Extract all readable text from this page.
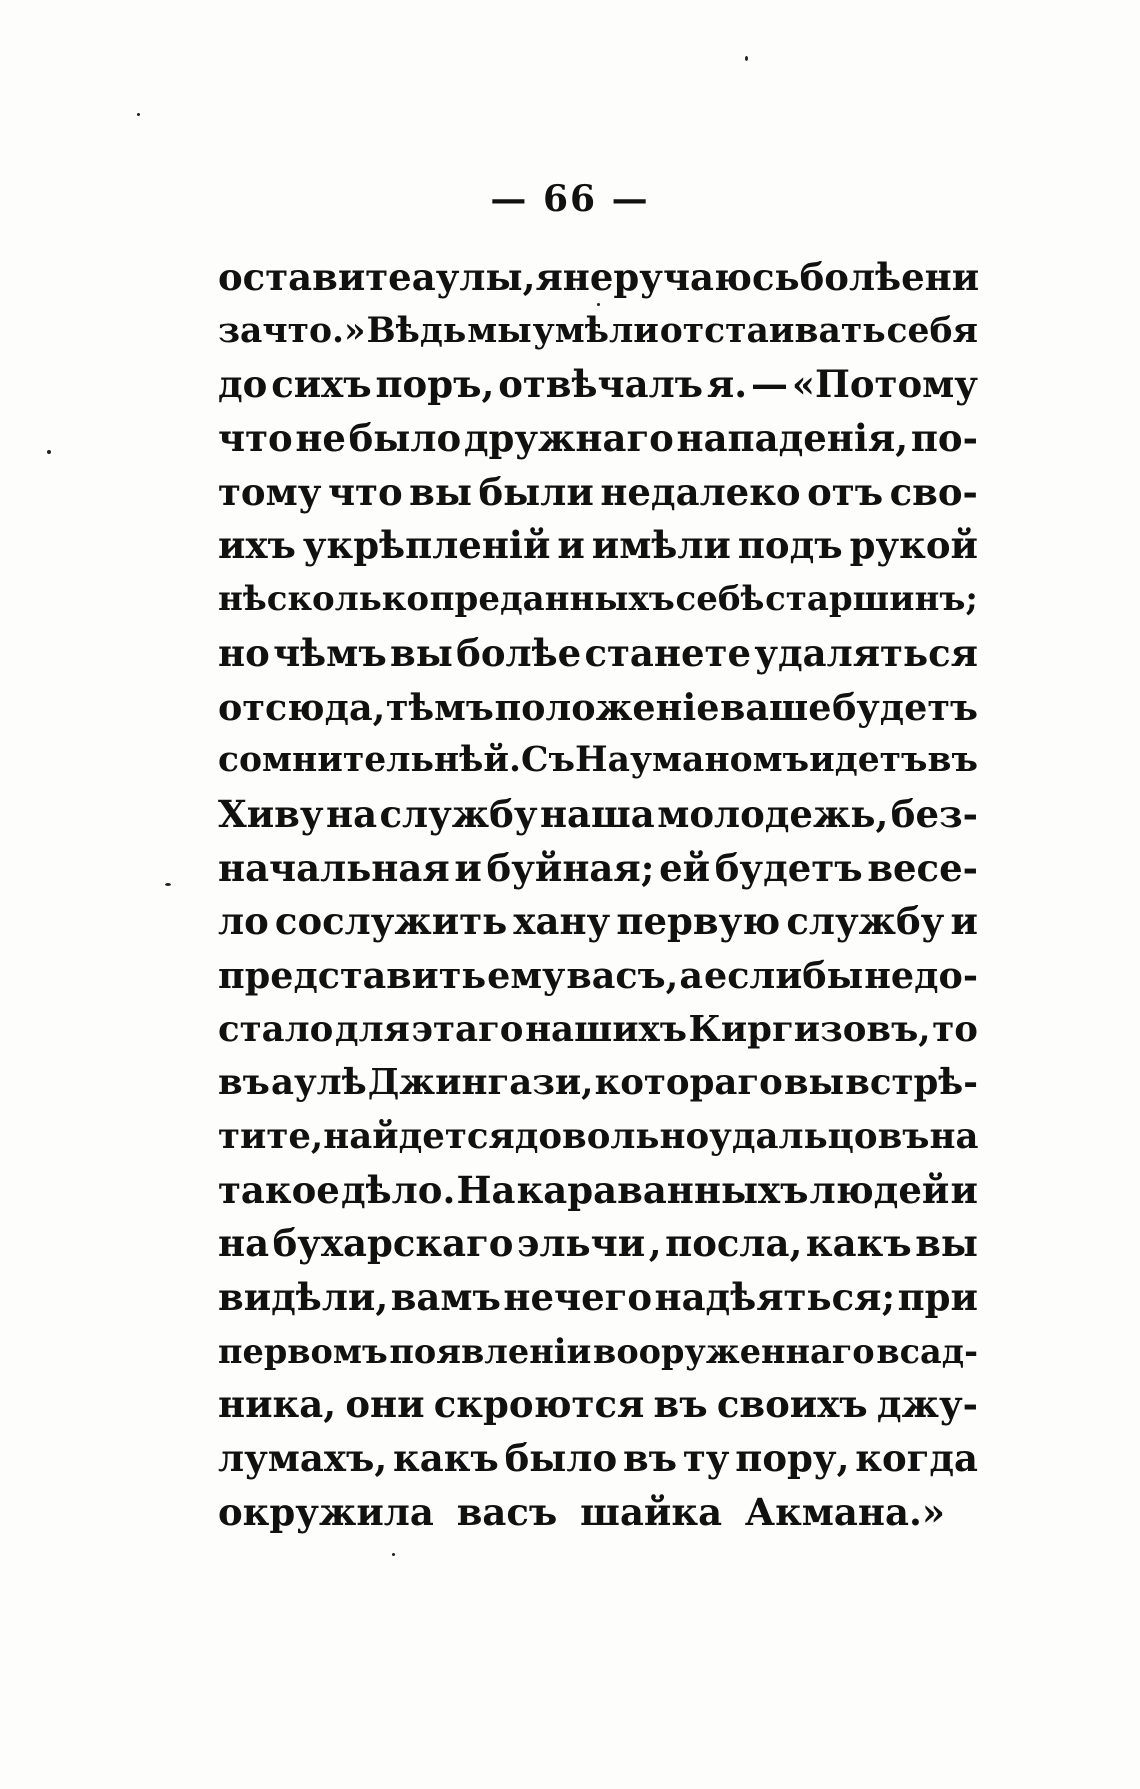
— 66 —
оставите аулы, я неручаюсь болѣе ни
зачто.» Вѣдь мы умѣли отстаивать себя
до сихъ поръ, отвѣчалъ я. — «Потому
что не было дружнаго нападенія, по-
тому что вы были недалеко отъ сво-
ихъ укрѣпленій и имѣли подъ рукой
нѣсколько преданныхъ себѣ старшинъ;
но чѣмъ вы болѣе станете удаляться
отсюда, тѣмъ положеніе ваше будетъ
сомнительнѣй. Съ Науманомъ идетъ въ
Хиву на службу наша молодежь, без-
начальная и буйная; ей будетъ весе-
ло сослужить хану первую службу и
представить ему васъ, а еслибы недо-
стало для этаго нашихъ Киргизовъ, то
въ аулѣ Джингази, котораго вы встрѣ-
тите, найдется довольно удальцовъ на
такое дѣло. На караванныхъ людей и
на бухарскаго эльчи , посла, какъ вы
видѣли, вамъ нечего надѣяться; при
первомъ появленіи вооруженнаго всад-
ника, они скроются въ своихъ джу-
лумахъ, какъ было въ ту пору, когда
окружила васъ шайка Акмана.»
